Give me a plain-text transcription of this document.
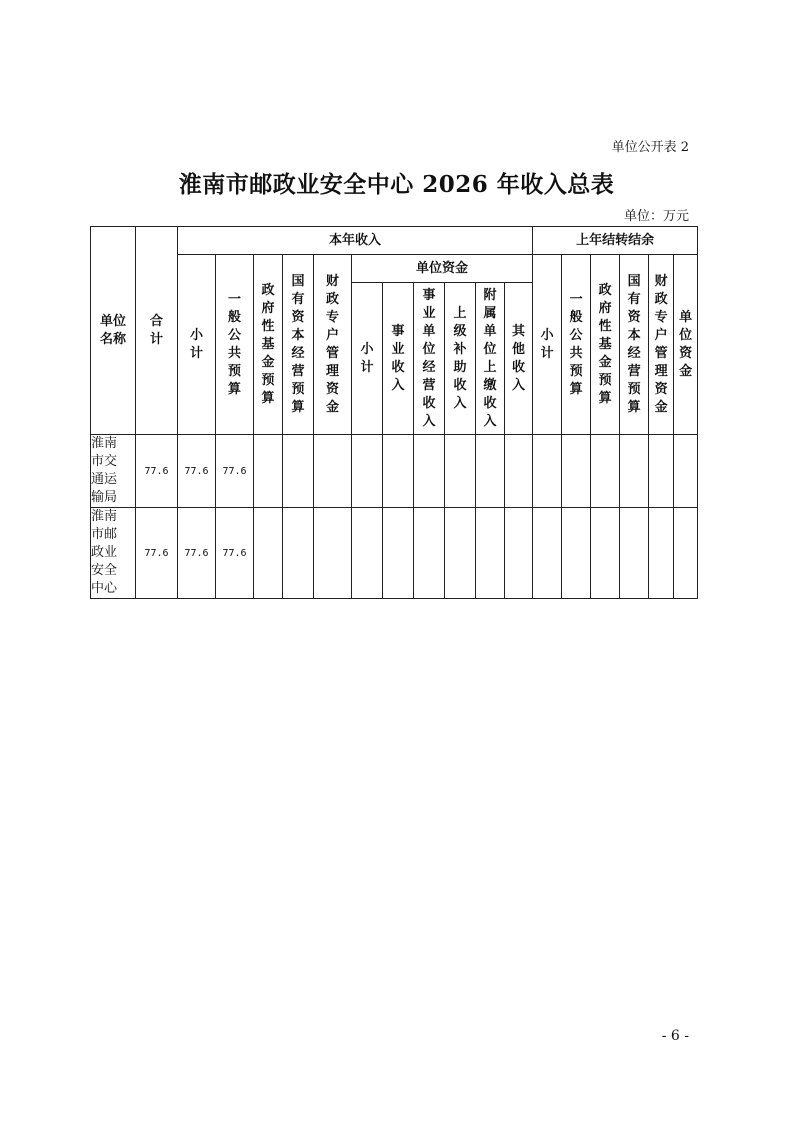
单位公开表 2
淮南市邮政业安全中心 2026 年收入总表
单位：万元
单位名称	合计	本年收入											上年结转结余					
		小计	一般公共预算	政府性基金预算	国有资本经营预算	财政专户管理资金	单位资金						小计	一般公共预算	政府性基金预算	国有资本经营预算	财政专户管理资金	单位资金
							小计	事业收入	事业单位经营收入	上级补助收入	附属单位上缴收入	其他收入						
淮南市交通运输局	77.6	77.6	77.6															
淮南市邮政业安全中心	77.6	77.6	77.6															
- 6 -
